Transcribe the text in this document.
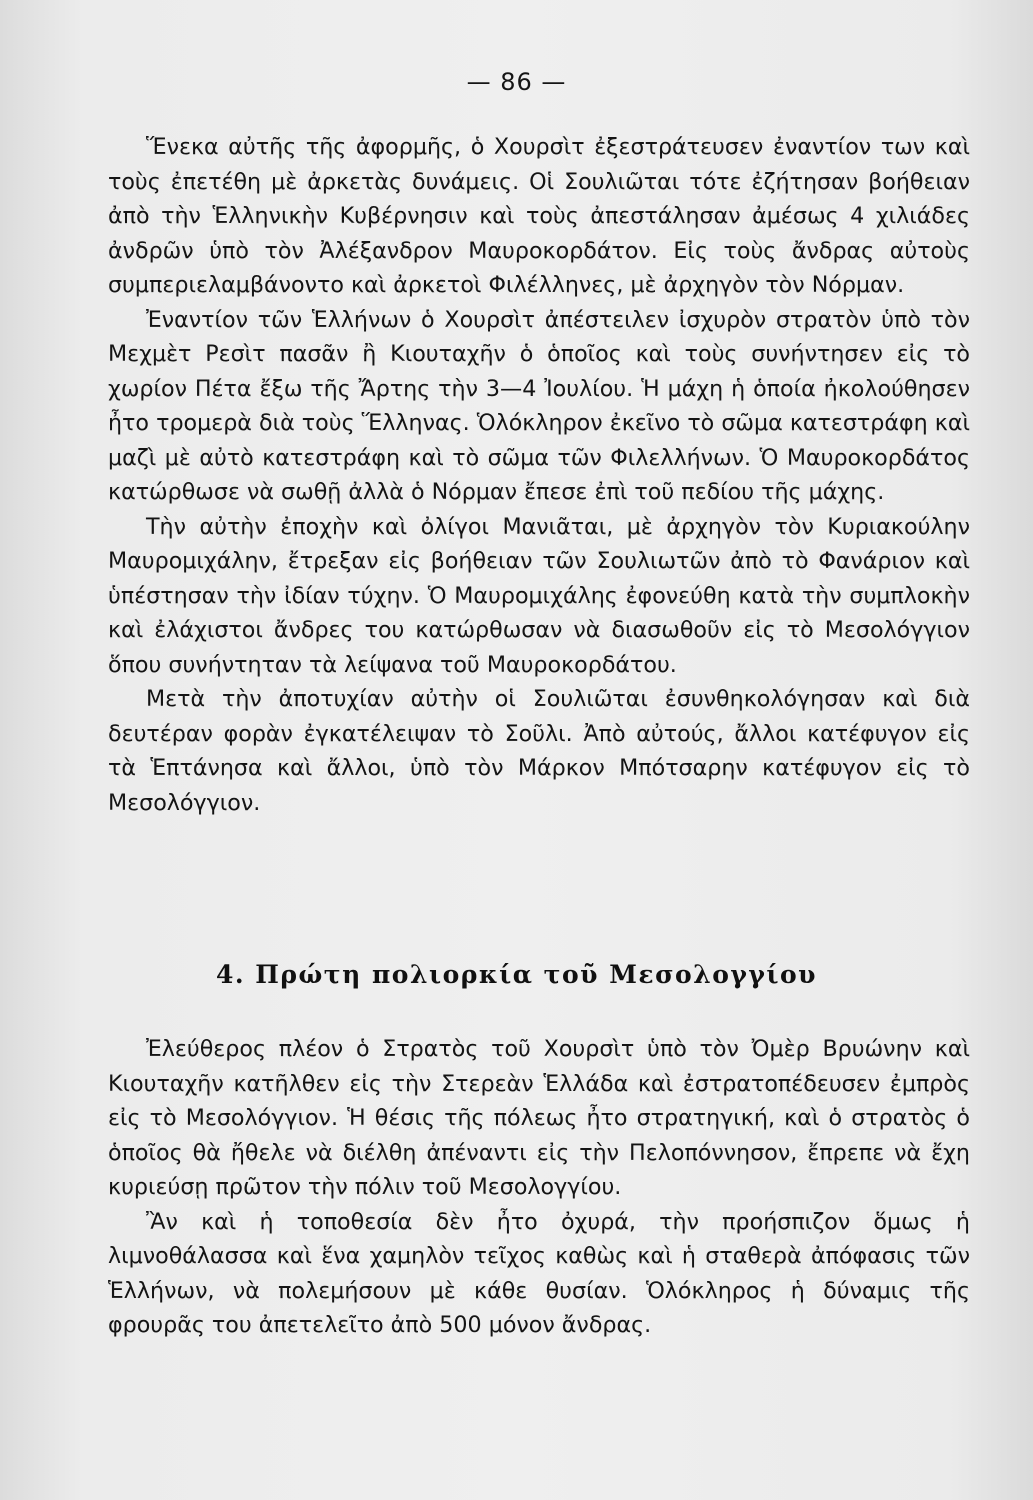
— 86 —

Ἕνεκα αὐτῆς τῆς ἀφορμῆς, ὁ Χουρσὶτ ἐξεστράτευσεν ἐναντίον των καὶ τοὺς ἐπετέθη μὲ ἀρκετὰς δυνάμεις. Οἱ Σουλιῶται τότε ἐζήτησαν βοήθειαν ἀπὸ τὴν Ἑλληνικὴν Κυβέρνησιν καὶ τοὺς ἀπεστάλησαν ἀμέσως 4 χιλιάδες ἀνδρῶν ὑπὸ τὸν Ἀλέξανδρον Μαυροκορδάτον. Εἰς τοὺς ἄνδρας αὐτοὺς συμπεριελαμβάνοντο καὶ ἀρκετοὶ Φιλέλληνες, μὲ ἀρχηγὸν τὸν Νόρμαν.

Ἐναντίον τῶν Ἑλλήνων ὁ Χουρσὶτ ἀπέστειλεν ἰσχυρὸν στρατὸν ὑπὸ τὸν Μεχμὲτ Ρεσὶτ πασᾶν ἢ Κιουταχῆν ὁ ὁποῖος καὶ τοὺς συνήντησεν εἰς τὸ χωρίον Πέτα ἔξω τῆς Ἄρτης τὴν 3—4 Ἰουλίου. Ἡ μάχη ἡ ὁποία ἠκολούθησεν ἦτο τρομερὰ διὰ τοὺς Ἕλληνας. Ὁλόκληρον ἐκεῖνο τὸ σῶμα κατεστράφη καὶ μαζὶ μὲ αὐτὸ κατεστράφη καὶ τὸ σῶμα τῶν Φιλελλήνων. Ὁ Μαυροκορδάτος κατώρθωσε νὰ σωθῇ ἀλλὰ ὁ Νόρμαν ἔπεσε ἐπὶ τοῦ πεδίου τῆς μάχης.

Τὴν αὐτὴν ἐποχὴν καὶ ὀλίγοι Μανιᾶται, μὲ ἀρχηγὸν τὸν Κυριακούλην Μαυρομιχάλην, ἔτρεξαν εἰς βοήθειαν τῶν Σουλιωτῶν ἀπὸ τὸ Φανάριον καὶ ὑπέστησαν τὴν ἰδίαν τύχην. Ὁ Μαυρομιχάλης ἐφονεύθη κατὰ τὴν συμπλοκὴν καὶ ἐλάχιστοι ἄνδρες του κατώρθωσαν νὰ διασωθοῦν εἰς τὸ Μεσολόγγιον ὅπου συνήντηταν τὰ λείψανα τοῦ Μαυροκορδάτου.

Μετὰ τὴν ἀποτυχίαν αὐτὴν οἱ Σουλιῶται ἐσυνθηκολόγησαν καὶ διὰ δευτέραν φορὰν ἐγκατέλειψαν τὸ Σοῦλι. Ἀπὸ αὐτούς, ἄλλοι κατέφυγον εἰς τὰ Ἑπτάνησα καὶ ἄλλοι, ὑπὸ τὸν Μάρκον Μπότσαρην κατέφυγον εἰς τὸ Μεσολόγγιον.

4. Πρώτη πολιορκία τοῦ Μεσολογγίου

Ἐλεύθερος πλέον ὁ Στρατὸς τοῦ Χουρσὶτ ὑπὸ τὸν Ὀμὲρ Βρυώνην καὶ Κιουταχῆν κατῆλθεν εἰς τὴν Στερεὰν Ἑλλάδα καὶ ἐστρατοπέδευσεν ἐμπρὸς εἰς τὸ Μεσολόγγιον. Ἡ θέσις τῆς πόλεως ἦτο στρατηγική, καὶ ὁ στρατὸς ὁ ὁποῖος θὰ ἤθελε νὰ διέλθη ἀπέναντι εἰς τὴν Πελοπόννησον, ἔπρεπε νὰ ἔχη κυριεύσῃ πρῶτον τὴν πόλιν τοῦ Μεσολογγίου.

Ἂν καὶ ἡ τοποθεσία δὲν ἦτο ὀχυρά, τὴν προήσπιζον ὅμως ἡ λιμνοθάλασσα καὶ ἕνα χαμηλὸν τεῖχος καθὼς καὶ ἡ σταθερὰ ἀπόφασις τῶν Ἑλλήνων, νὰ πολεμήσουν μὲ κάθε θυσίαν. Ὁλόκληρος ἡ δύναμις τῆς φρουρᾶς του ἀπετελεῖτο ἀπὸ 500 μόνον ἄνδρας.
